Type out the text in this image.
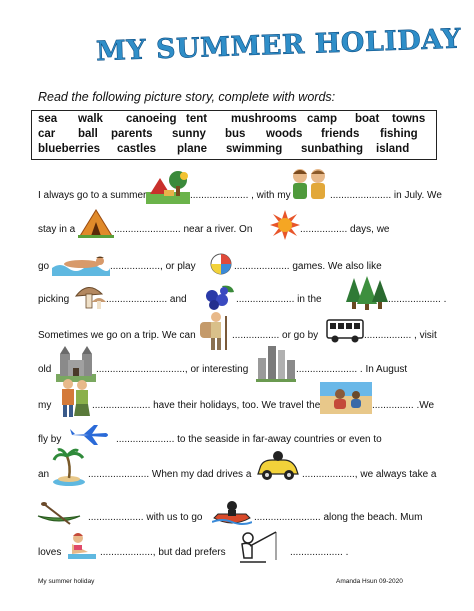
MY SUMMER HOLIDAY
Read the following picture story, complete with words:
sea walk canoeing tent mushrooms camp boat towns
car ball parents sunny bus woods friends fishing
blueberries castles plane swimming sunbathing island
I always go to a summer	..................... , with my	...................... in July. We
stay in a	........................ near a river. On	................. days, we
go	.................., or play	.................... games. We also like
picking	...................... and	..................... in the	................... .
Sometimes we go on a trip. We can	................. or go by	................. , visit
old	................................, or interesting	...................... . In August
my	..................... have their holidays, too. We travel the	............... .We
fly by	..................... to the seaside in far-away countries or even to
an	...................... When my dad drives a	..................., we always take a
.................... with us to go	........................ along the beach. Mum
loves	..................., but dad prefers	................... .
My summer holiday	Amanda Hsun 09-2020
